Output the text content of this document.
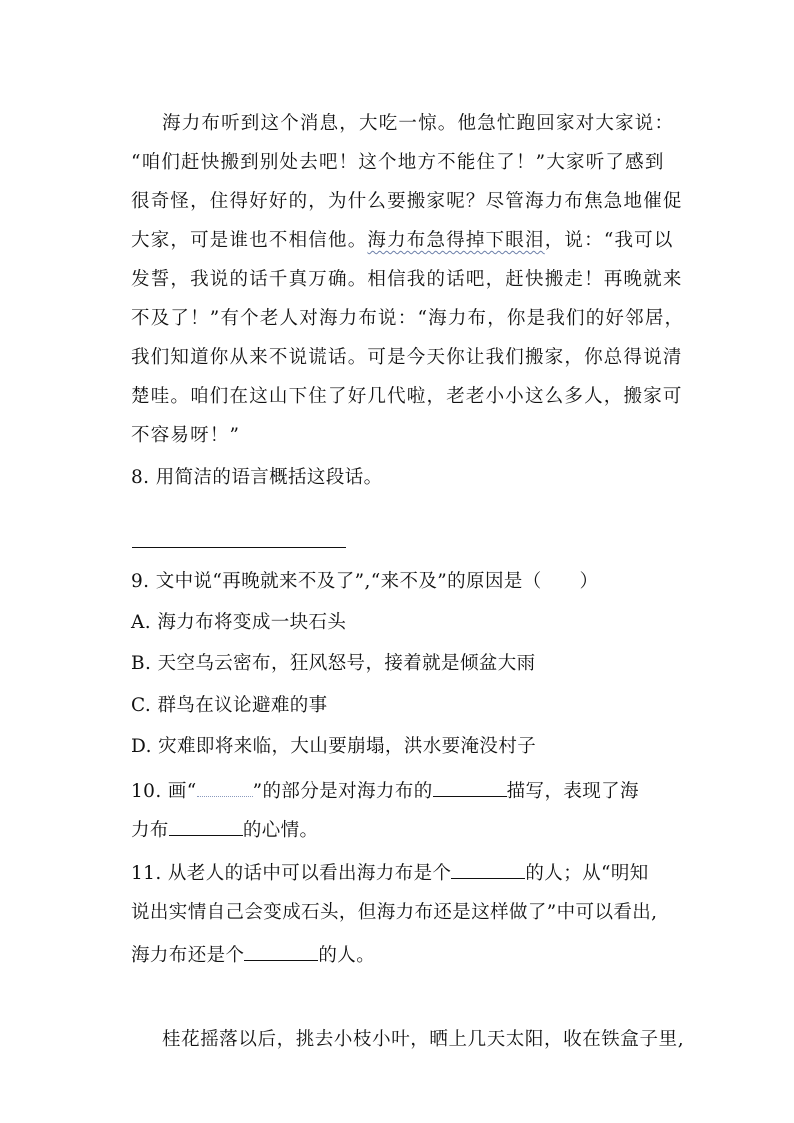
海力布听到这个消息，大吃一惊。他急忙跑回家对大家说：
“咱们赶快搬到别处去吧！这个地方不能住了！”大家听了感到
很奇怪，住得好好的，为什么要搬家呢？尽管海力布焦急地催促
大家，可是谁也不相信他。海力布急得掉下眼泪，说：“我可以
发誓，我说的话千真万确。相信我的话吧，赶快搬走！再晚就来
不及了！”有个老人对海力布说：“海力布，你是我们的好邻居，
我们知道你从来不说谎话。可是今天你让我们搬家，你总得说清
楚哇。咱们在这山下住了好几代啦，老老小小这么多人，搬家可
不容易呀！”
8. 用简洁的语言概括这段话。
9. 文中说“再晚就来不及了”,“来不及”的原因是（　　）
A. 海力布将变成一块石头
B. 天空乌云密布，狂风怒号，接着就是倾盆大雨
C. 群鸟在议论避难的事
D. 灾难即将来临，大山要崩塌，洪水要淹没村子
10. 画“	”的部分是对海力布的	描写，表现了海
力布	的心情。
11. 从老人的话中可以看出海力布是个	的人；从“明知
说出实情自己会变成石头，但海力布还是这样做了”中可以看出,
海力布还是个	的人。
桂花摇落以后，挑去小枝小叶，晒上几天太阳，收在铁盒子里,
